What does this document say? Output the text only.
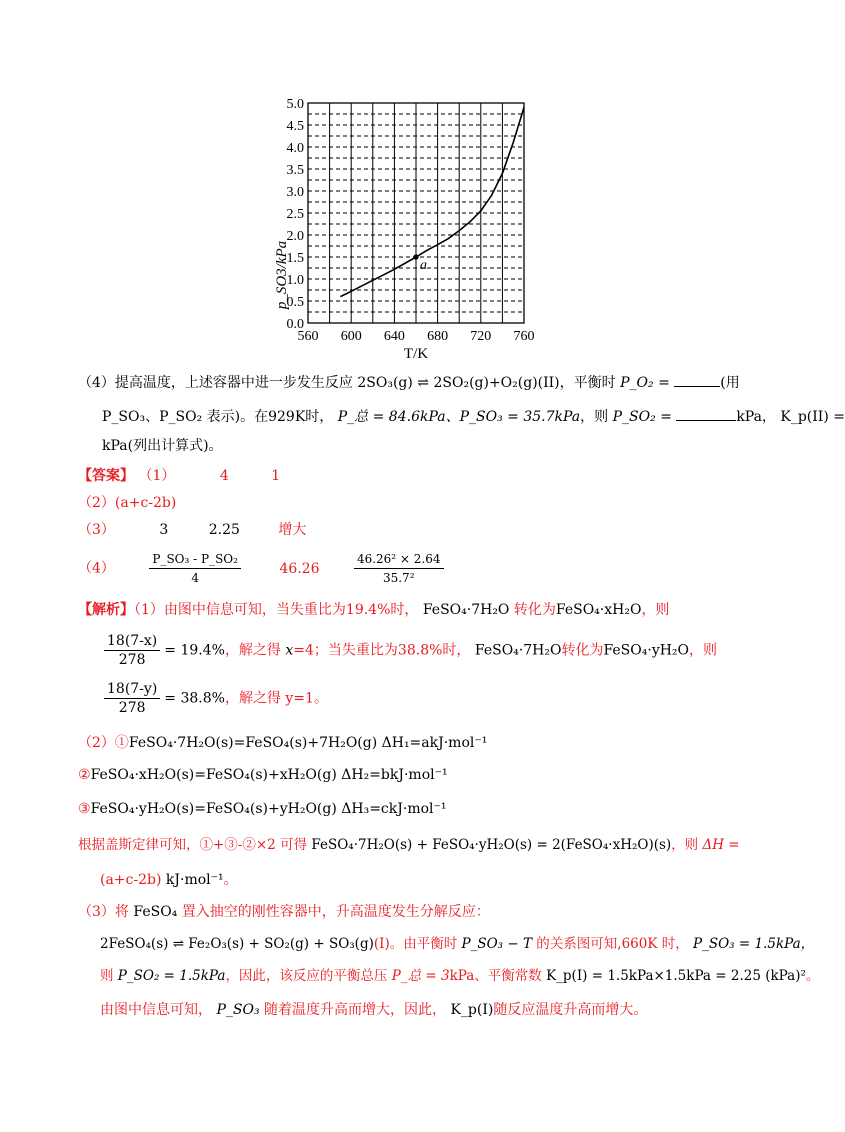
0.0
0.5
1.0
1.5
2.0
2.5
3.0
3.5
4.0
4.5
5.0
560 600 640 680 720 760
a
p_SO3/kPa
T/K
（4）提高温度，上述容器中进一步发生反应 2SO₃(g) ⇌ 2SO₂(g)+O₂(g)(II)，平衡时 P_O₂ =	(用
P_SO₃、P_SO₂ 表示)。在929K时， P_总 = 84.6kPa、P_SO₃ = 35.7kPa，则 P_SO₂ =	kPa， K_p(II) =
kPa(列出计算式)。
【答案】 （1）	4	1
（2）(a+c-2b)
（3）	3	2.25	增大
（4）	$\frac{\text{P\_SO₃ - P\_SO₂}}{4}$	46.26	$\frac{\text{46.26² × 2.64}}{\text{35.7²}}$
【解析】（1）由图中信息可知，当失重比为19.4%时， FeSO₄·7H₂O 转化为FeSO₄·xH₂O，则
$\frac{18(7-x)}{278} = 19.4\%$，解之得 x=4；当失重比为38.8%时， FeSO₄·7H₂O转化为FeSO₄·yH₂O，则
$\frac{18(7-y)}{278} = 38.8\%$，解之得 y=1。
（2）①FeSO₄·7H₂O(s)=FeSO₄(s)+7H₂O(g) ΔH₁=akJ·mol⁻¹
②FeSO₄·xH₂O(s)=FeSO₄(s)+xH₂O(g) ΔH₂=bkJ·mol⁻¹
③FeSO₄·yH₂O(s)=FeSO₄(s)+yH₂O(g) ΔH₃=ckJ·mol⁻¹
根据盖斯定律可知，①+③-②×2 可得 FeSO₄·7H₂O(s) + FeSO₄·yH₂O(s) = 2(FeSO₄·xH₂O)(s)，则 ΔH =
(a+c-2b) kJ·mol⁻¹。
（3）将 FeSO₄ 置入抽空的刚性容器中，升高温度发生分解反应：
2FeSO₄(s) ⇌ Fe₂O₃(s) + SO₂(g) + SO₃(g)(I)。由平衡时 P_SO₃ − T 的关系图可知,660K 时， P_SO₃ = 1.5kPa，
则 P_SO₂ = 1.5kPa，因此，该反应的平衡总压 P_总 = 3kPa、平衡常数 K_p(I) = 1.5kPa×1.5kPa = 2.25 (kPa)²。
由图中信息可知， P_SO₃ 随着温度升高而增大，因此， K_p(I)随反应温度升高而增大。
